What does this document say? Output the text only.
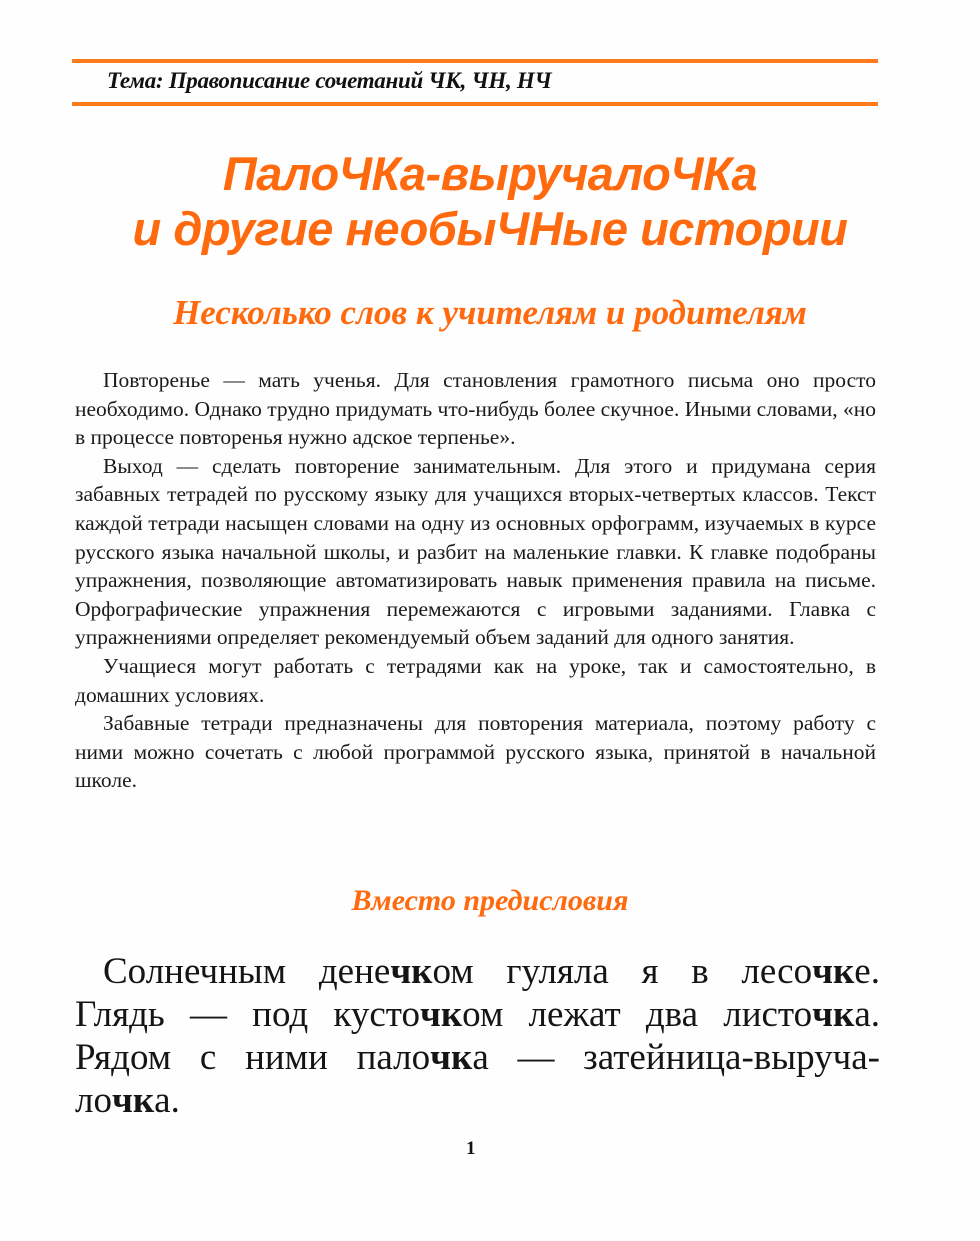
Тема: Правописание сочетаний ЧК, ЧН, НЧ
ПалоЧКа-выручалоЧКа
и другие необыЧНые истории
Несколько слов к учителям и родителям

Повторенье — мать ученья. Для становления грамотного письма оно просто необходимо. Однако трудно придумать что-нибудь более скучное. Иными словами, «но в процессе повторенья нужно адское терпенье».

Выход — сделать повторение занимательным. Для этого и придумана серия забавных тетрадей по русскому языку для учащихся вторых-четвертых классов. Текст каждой тетради насыщен словами на одну из основных орфограмм, изучаемых в курсе русского языка начальной школы, и разбит на маленькие главки. К главке подобраны упражнения, позволяющие автоматизировать навык применения правила на письме. Орфографические упражнения перемежаются с игровыми заданиями. Главка с упражнениями определяет рекомендуемый объем заданий для одного занятия.

Учащиеся могут работать с тетрадями как на уроке, так и самостоятельно, в домашних условиях.

Забавные тетради предназначены для повторения материала, поэтому работу с ними можно сочетать с любой программой русского языка, принятой в начальной школе.

Вместо предисловия
Солнечным денечком гуляла я в лесочке.
Глядь — под кусточком лежат два листочка.
Рядом с ними палочка — затейница-выруча-
лочка.
1
